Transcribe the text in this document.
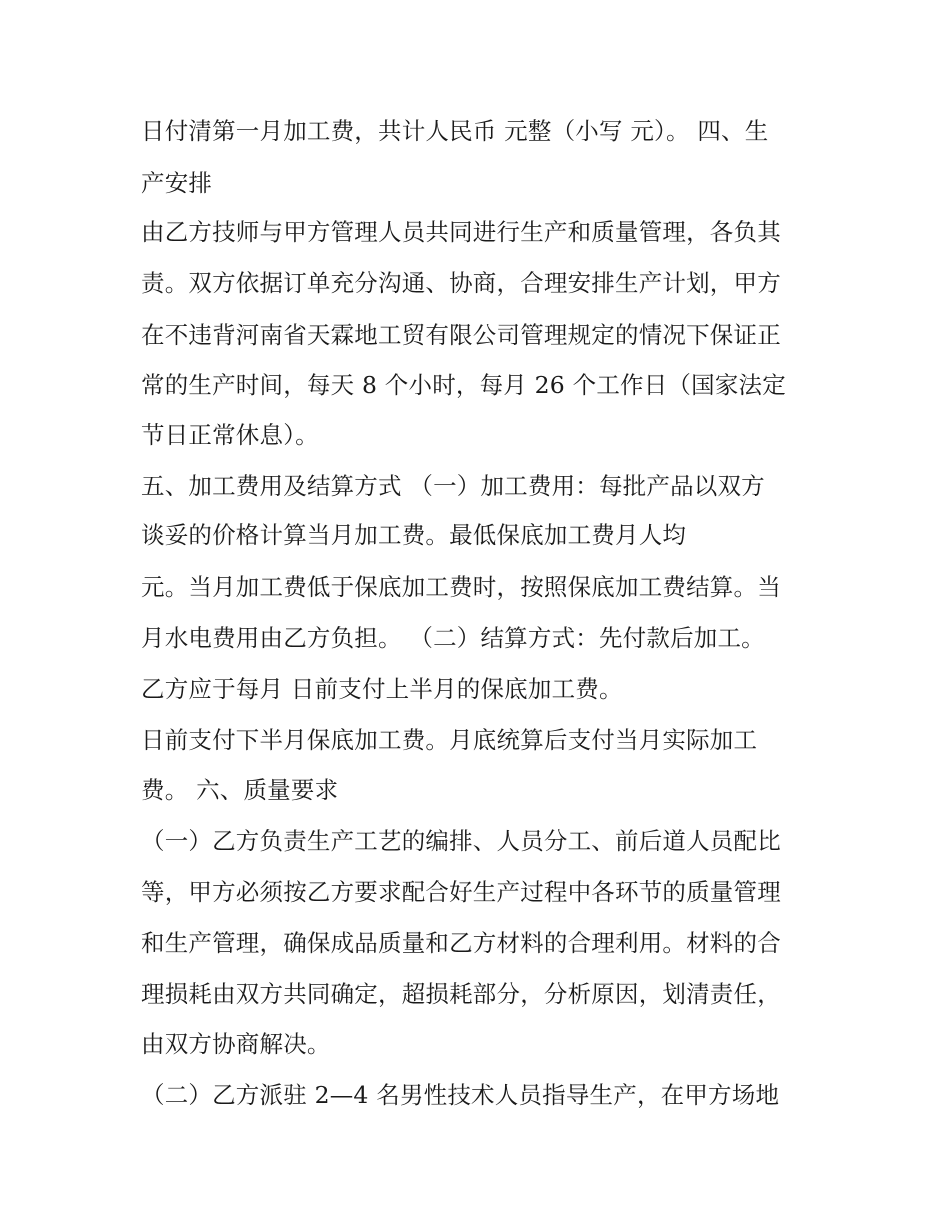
日付清第一月加工费，共计人民币 元整（小写 元）。 四、生
产安排
由乙方技师与甲方管理人员共同进行生产和质量管理，各负其
责。双方依据订单充分沟通、协商，合理安排生产计划，甲方
在不违背河南省天霖地工贸有限公司管理规定的情况下保证正
常的生产时间，每天 8 个小时，每月 26 个工作日（国家法定
节日正常休息）。
五、加工费用及结算方式 （一）加工费用：每批产品以双方
谈妥的价格计算当月加工费。最低保底加工费月人均
元。当月加工费低于保底加工费时，按照保底加工费结算。当
月水电费用由乙方负担。 （二）结算方式：先付款后加工。
乙方应于每月 日前支付上半月的保底加工费。
日前支付下半月保底加工费。月底统算后支付当月实际加工
费。 六、质量要求
（一）乙方负责生产工艺的编排、人员分工、前后道人员配比
等，甲方必须按乙方要求配合好生产过程中各环节的质量管理
和生产管理，确保成品质量和乙方材料的合理利用。材料的合
理损耗由双方共同确定，超损耗部分，分析原因，划清责任，
由双方协商解决。
（二）乙方派驻 2—4 名男性技术人员指导生产，在甲方场地
